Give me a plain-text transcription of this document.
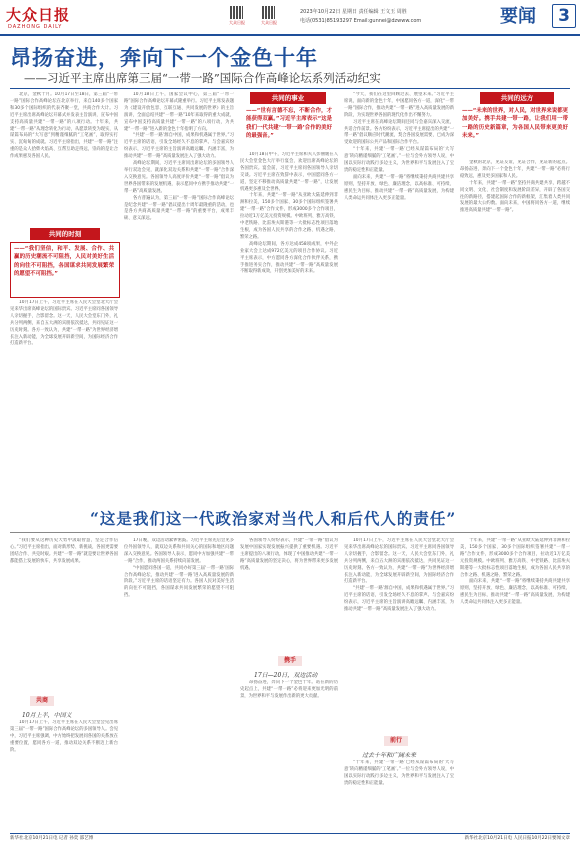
大众日报
DAZHONG DAILY
大众日报	大众日报
2023年10月22日 星期日 责任编辑 王文玉 周胜
电话(0531)85193297 Email:gunnei@dzwww.com	要闻	3
昂扬奋进，奔向下一个金色十年
——习近平主席出席第三届“一带一路”国际合作高峰论坛系列活动纪实

北京，金秋十月。10月17日至18日，第三届“一带一路”国际合作高峰论坛在北京举行，来自140多个国家和30多个国际组织的代表齐聚一堂，共商合作大计。习近平主席出席高峰论坛开幕式并发表主旨演讲，宣布中国支持高质量共建“一带一路”的八项行动。十年来，共建“一带一路”从理念转化为行动，从愿景转变为现实，从谋篇布局的“大写意”到精谨细腻的“工笔画”，取得实打实、沉甸甸的成就。习近平主席指出，共建“一带一路”注重的是众人拾柴火焰高、互帮互助走得远，崇尚的是让合作成果惠及各国人民。

共同的时刻
——“我们坚信，和平、发展、合作、共赢的历史潮流不可阻挡，人民对美好生活的向往不可阻挡，各国谋求共同发展繁荣的愿望不可阻挡。”

10月17日上午，习近平主席在人民大会堂北大厅会见来华出席高峰论坛的国际贵宾。习近平主席同各国领导人亲切握手，合影留念。这一天，人民大会堂东门外，礼兵分列两侧，来自五大洲的宾朋依次抵达，共同见证这一历史时刻。各方一致认为，共建“一带一路”为世界经济增长注入新动能，为全球发展开辟新空间，为国际经济合作打造新平台。

10月18日上午，国家会议中心，第三届“一带一路”国际合作高峰论坛开幕式隆重举行。习近平主席发表题为《建设开放包容、互联互通、共同发展的世界》的主旨演讲，全面总结共建“一带一路”10年来取得的重大成就，宣布中国支持高质量共建“一带一路”的八项行动，为共建“一带一路”进入新的金色十年指明了方向。

“共建‘一带一路’源自中国，成果和机遇属于世界。”习近平主席的话语，引发全场经久不息的掌声。与会嘉宾纷纷表示，习近平主席的主旨演讲高瞻远瞩、内涵丰富，为推动共建“一带一路”高质量发展注入了强大动力。

高峰论坛期间，习近平主席同出席论坛的多国领导人举行双边会见，就深化双边关系和共建“一带一路”合作深入交换意见。各国领导人高度评价共建“一带一路”倡议为世界各国带来的发展机遇，表示愿同中方携手推动共建“一带一路”高质量发展。

各方普遍认为，第三届“一带一路”国际合作高峰论坛是纪念共建“一带一路”倡议提出十周年最隆重的活动，也是各方共商高质量共建“一带一路”的重要平台，成果丰硕、意义深远。

共同的事业
——“世有言德不忘，不断合作，才能获得双赢。”习近平主席表示“这是我们一代共建‘一带一路’合作的美好的最强音。”

10月18日中午，习近平主席和夫人彭丽媛在人民大会堂金色大厅举行宴会，欢迎出席高峰论坛的各国贵宾。宴会前，习近平主席同各国领导人亲切交谈。习近平主席在致辞中表示，中国愿同各方一道，坚定不移推动高质量共建“一带一路”，让发展机遇更多惠及全世界。

十年来，共建“一带一路”从亚欧大陆延伸到非洲和拉美，150多个国家、30多个国际组织签署共建“一带一路”合作文件，形成3000多个合作项目，拉动近1万亿美元投资规模。中欧班列、雅万高铁、中老铁路、比雷埃夫斯港等一大批标志性项目落地生根，成为各国人民共享的合作之路、机遇之路、繁荣之路。

高峰论坛期间，各方达成458项成果，中外企业家大会上达成972亿美元的项目合作协议。习近平主席表示，中方愿同各方深化合作伙伴关系，携手推进务实合作，推动共建“一带一路”高质量发展不断取得新成效，开创更加美好的未来。

“今天，我们在这里回顾过去、展望未来。”习近平主席说，面向新的金色十年，中国愿同各方一道，深化“一带一路”国际合作，推动共建“一带一路”进入高质量发展的新阶段，为实现世界各国的现代化作出不懈努力。

习近平主席在高峰论坛期间还同与会嘉宾深入交流，共话合作前景。各方纷纷表示，习近平主席提出的共建“一带一路”倡议顺应时代潮流，契合各国发展需要，已成为深受欢迎的国际公共产品和国际合作平台。

“十年来，共建‘一带一路’已经从谋篇布局的‘大写意’转向精谨细腻的‘工笔画’。”一位与会外方领导人说，中国以实际行动践行多边主义，为世界和平与发展注入了宝贵的稳定性和正能量。

面向未来，共建“一带一路”将继续秉持共商共建共享原则，坚持开放、绿色、廉洁理念，以高标准、可持续、惠民生为目标，推动共建“一带一路”高质量发展，为构建人类命运共同体注入更多正能量。

共同的远方
——“未来的世界，对人民，对世界来说都更加美好。携手共建一带一路，让我们用一带一路的历史新篇章，为各国人民带来更美好未来。”

金秋的北京，见证友谊，见证合作，见证新的起点。昂扬奋进，奔向下一个金色十年，共建“一带一路”必将行稳致远，惠及更多国家和人民。

十年来，共建“一带一路”坚持共商共建共享，跨越不同文明、文化、社会制度和发展阶段差异，开辟了各国交往的新路径，搭建起国际合作的新框架，汇集着人类共同发展的最大公约数。面向未来，中国将同各方一道，继续推进高质量共建“一带一路”。

“这是我们这一代政治家对当代人和后代人的责任”

“我们要从这种历史大势中汲取智慧，坚定合作信心。”习近平主席指出，面对新形势、新挑战，各国更需要团结合作、共克时艰。共建“一带一路”就是要让世界各国都能搭上发展的快车，共享发展成果。

共商
10月上半，中国义

10月17日上午，习近平主席在人民大会堂会见出席第三届“一带一路”国际合作高峰论坛的多国领导人。会见中，习近平主席强调，中方始终把发展同各国的关系放在重要位置，愿同各方一道，推动双边关系不断迈上新台阶。

17日晚，双边活动紧锣密鼓。习近平主席先后会见多位外国领导人，就双边关系和共同关心的国际和地区问题深入交换意见。各国领导人表示，愿同中方加强共建“一带一路”合作，推动两国关系持续向前发展。

“中国愿同各国一道，共同办好第三届‘一带一路’国际合作高峰论坛，推动共建‘一带一路’进入高质量发展的新阶段。”习近平主席的话语坚定有力。各国人民对美好生活的向往不可阻挡，各国谋求共同发展繁荣的愿望不可阻挡。

各国领导人纷纷表示，共建“一带一路”倡议为发展中国家实现发展振兴提供了重要机遇。习近平主席提出的八项行动，体现了中国推动共建“一带一路”高质量发展的坚定决心，将为世界带来更多发展机遇。

携手
17日—20日，双边活动

昂扬奋进，奔向下一个金色十年。站在新的历史起点上，共建“一带一路”必将迎来更加光明的前景，为世界和平与发展作出新的更大贡献。

10月17日上午，习近平主席在人民大会堂北大厅会见来华出席高峰论坛的国际贵宾。习近平主席同各国领导人亲切握手，合影留念。这一天，人民大会堂东门外，礼兵分列两侧，来自五大洲的宾朋依次抵达，共同见证这一历史时刻。各方一致认为，共建“一带一路”为世界经济增长注入新动能，为全球发展开辟新空间，为国际经济合作打造新平台。

“共建‘一带一路’源自中国，成果和机遇属于世界。”习近平主席的话语，引发全场经久不息的掌声。与会嘉宾纷纷表示，习近平主席的主旨演讲高瞻远瞩、内涵丰富，为推动共建“一带一路”高质量发展注入了强大动力。

前行
过去十年和广阔未来

“十年来，共建‘一带一路’已经从谋篇布局的‘大写意’转向精谨细腻的‘工笔画’。”一位与会外方领导人说，中国以实际行动践行多边主义，为世界和平与发展注入了宝贵的稳定性和正能量。

十年来，共建“一带一路”从亚欧大陆延伸到非洲和拉美，150多个国家、30多个国际组织签署共建“一带一路”合作文件，形成3000多个合作项目，拉动近1万亿美元投资规模。中欧班列、雅万高铁、中老铁路、比雷埃夫斯港等一大批标志性项目落地生根，成为各国人民共享的合作之路、机遇之路、繁荣之路。

面向未来，共建“一带一路”将继续秉持共商共建共享原则，坚持开放、绿色、廉洁理念，以高标准、可持续、惠民生为目标，推动共建“一带一路”高质量发展，为构建人类命运共同体注入更多正能量。

新华社北京10月21日电 记者 孙奕 邵艺博	新华社北京10月21日电 人民日报10月22日要闻文章
